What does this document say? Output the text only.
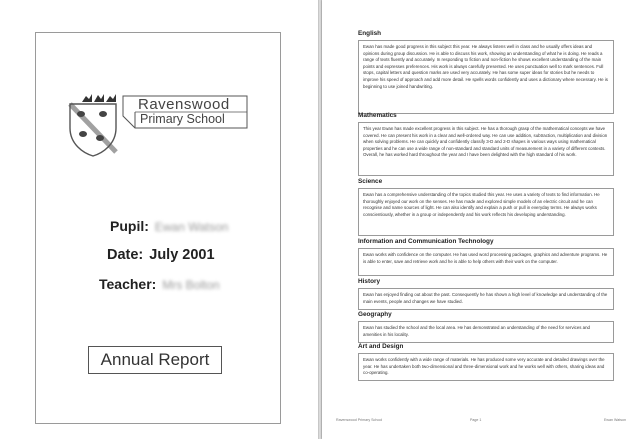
Ravenswood
Primary School
Pupil: Ewan Watson
Date: July 2001
Teacher: Mrs Bolton
Annual Report
English
Ewan has made good progress in this subject this year. He always listens well in class and he usually offers ideas and opinions during group discussion. He is able to discuss his work, showing an understanding of what he is doing. He reads a range of texts fluently and accurately. In responding to fiction and non-fiction he shows excellent understanding of the main points and expresses preferences. His work is always carefully presented. He uses punctuation well to mark sentences. Full stops, capital letters and question marks are used very accurately. He has some super ideas for stories but he needs to improve his speed of approach and add more detail. He spells words confidently and uses a dictionary where necessary. He is beginning to use joined handwriting.
Mathematics
This year Ewan has made excellent progress in this subject. He has a thorough grasp of the mathematical concepts we have covered. He can present his work in a clear and well-ordered way. He can use addition, subtraction, multiplication and division when solving problems. He can quickly and confidently classify 3-D and 2-D shapes in various ways using mathematical properties and he can use a wide range of non-standard and standard units of measurement in a variety of different contexts. Overall, he has worked hard throughout the year and I have been delighted with the high standard of his work.
Science
Ewan has a comprehensive understanding of the topics studied this year. He uses a variety of texts to find information. He thoroughly enjoyed our work on the senses. He has made and explored simple models of an electric circuit and he can recognise and name sources of light. He can also identify and explain a push or pull in everyday terms. He always works conscientiously, whether in a group or independently and his work reflects his developing understanding.
Information and Communication Technology
Ewan works with confidence on the computer. He has used word processing packages, graphics and adventure programs. He is able to enter, save and retrieve work and he is able to help others with their work on the computer.
History
Ewan has enjoyed finding out about the past. Consequently he has shown a high level of knowledge and understanding of the main events, people and changes we have studied.
Geography
Ewan has studied the school and the local area. He has demonstrated an understanding of the need for services and amenities in his locality.
Art and Design
Ewan works confidently with a wide range of materials. He has produced some very accurate and detailed drawings over the year. He has undertaken both two-dimensional and three-dimensional work and he works well with others, sharing ideas and co-operating.
Ravenswood Primary School	Page 1	Ewan Watson
